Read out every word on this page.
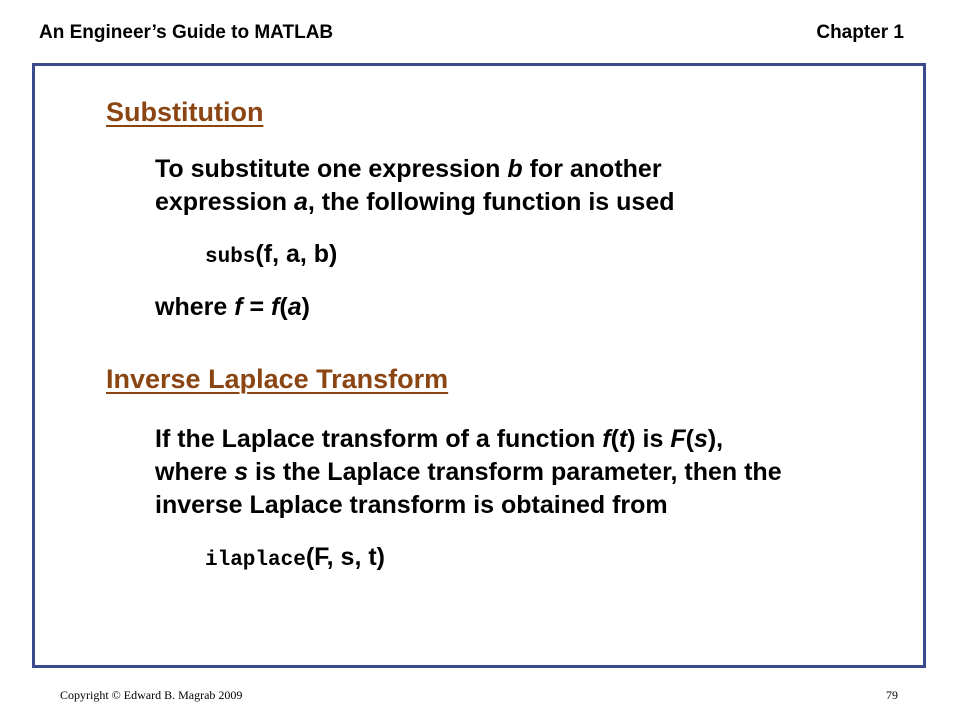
An Engineer’s Guide to MATLAB	Chapter 1
Substitution
To substitute one expression b for another
expression a, the following function is used
subs(f, a, b)
where f = f(a)
Inverse Laplace Transform
If the Laplace transform of a function f(t) is F(s),
where s is the Laplace transform parameter, then the
inverse Laplace transform is obtained from
ilaplace(F, s, t)
Copyright © Edward B. Magrab 2009	79
